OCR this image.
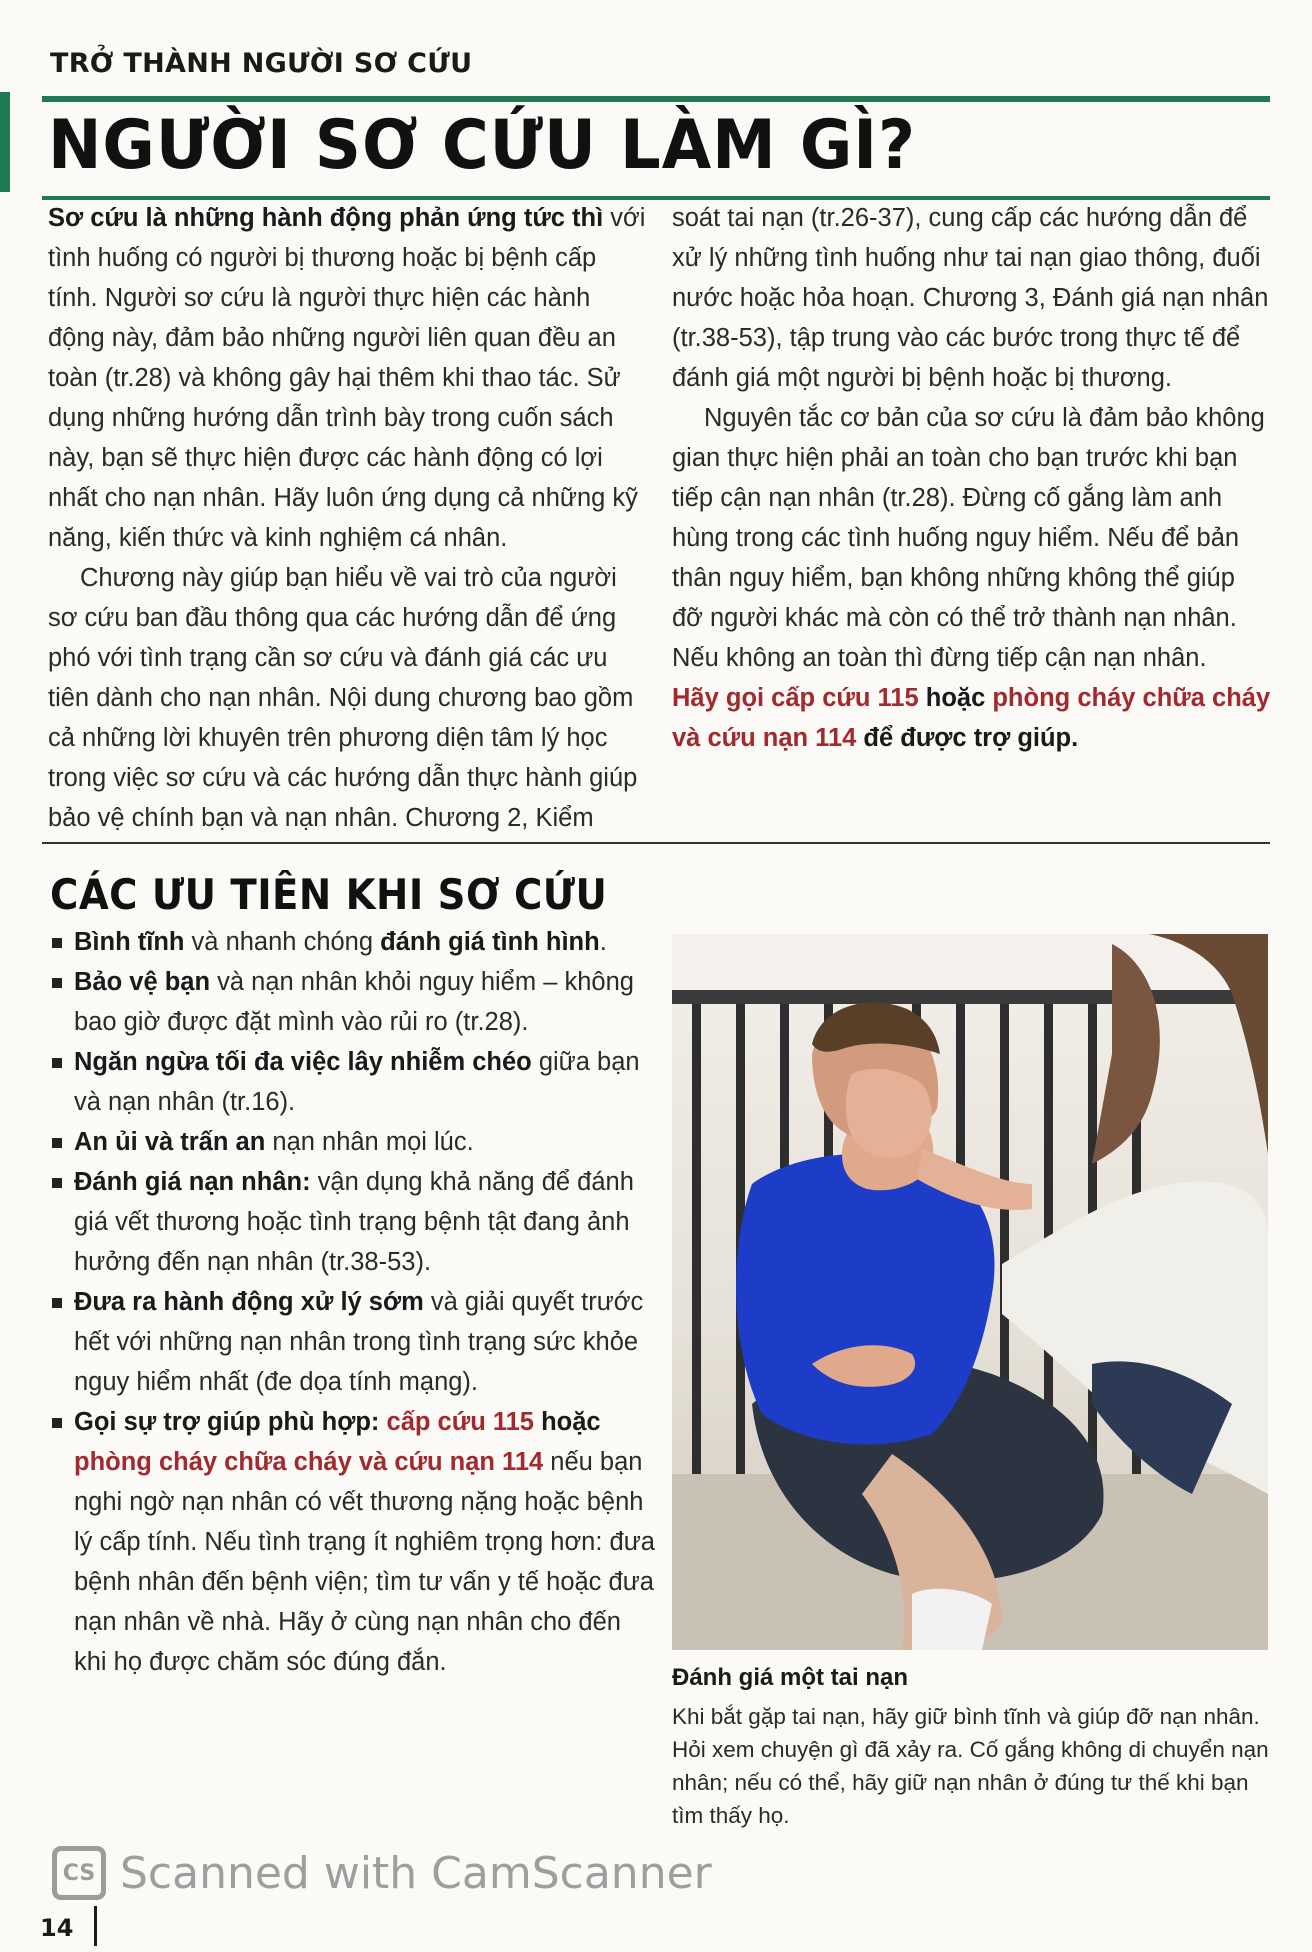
TRỞ THÀNH NGƯỜI SƠ CỨU
NGƯỜI SƠ CỨU LÀM GÌ?

Sơ cứu là những hành động phản ứng tức thì với tình huống có người bị thương hoặc bị bệnh cấp tính. Người sơ cứu là người thực hiện các hành động này, đảm bảo những người liên quan đều an toàn (tr.28) và không gây hại thêm khi thao tác. Sử dụng những hướng dẫn trình bày trong cuốn sách này, bạn sẽ thực hiện được các hành động có lợi nhất cho nạn nhân. Hãy luôn ứng dụng cả những kỹ năng, kiến thức và kinh nghiệm cá nhân.

Chương này giúp bạn hiểu về vai trò của người sơ cứu ban đầu thông qua các hướng dẫn để ứng phó với tình trạng cần sơ cứu và đánh giá các ưu tiên dành cho nạn nhân. Nội dung chương bao gồm cả những lời khuyên trên phương diện tâm lý học trong việc sơ cứu và các hướng dẫn thực hành giúp bảo vệ chính bạn và nạn nhân. Chương 2, Kiểm

soát tai nạn (tr.26-37), cung cấp các hướng dẫn để xử lý những tình huống như tai nạn giao thông, đuối nước hoặc hỏa hoạn. Chương 3, Đánh giá nạn nhân (tr.38-53), tập trung vào các bước trong thực tế để đánh giá một người bị bệnh hoặc bị thương.

Nguyên tắc cơ bản của sơ cứu là đảm bảo không gian thực hiện phải an toàn cho bạn trước khi bạn tiếp cận nạn nhân (tr.28). Đừng cố gắng làm anh hùng trong các tình huống nguy hiểm. Nếu để bản thân nguy hiểm, bạn không những không thể giúp đỡ người khác mà còn có thể trở thành nạn nhân. Nếu không an toàn thì đừng tiếp cận nạn nhân.

Hãy gọi cấp cứu 115 hoặc phòng cháy chữa cháy và cứu nạn 114 để được trợ giúp.

CÁC ƯU TIÊN KHI SƠ CỨU
Bình tĩnh và nhanh chóng đánh giá tình hình.
Bảo vệ bạn và nạn nhân khỏi nguy hiểm – không bao giờ được đặt mình vào rủi ro (tr.28).
Ngăn ngừa tối đa việc lây nhiễm chéo giữa bạn và nạn nhân (tr.16).
An ủi và trấn an nạn nhân mọi lúc.
Đánh giá nạn nhân: vận dụng khả năng để đánh giá vết thương hoặc tình trạng bệnh tật đang ảnh hưởng đến nạn nhân (tr.38-53).
Đưa ra hành động xử lý sớm và giải quyết trước hết với những nạn nhân trong tình trạng sức khỏe nguy hiểm nhất (đe dọa tính mạng).
Gọi sự trợ giúp phù hợp: cấp cứu 115 hoặc phòng cháy chữa cháy và cứu nạn 114 nếu bạn nghi ngờ nạn nhân có vết thương nặng hoặc bệnh lý cấp tính. Nếu tình trạng ít nghiêm trọng hơn: đưa bệnh nhân đến bệnh viện; tìm tư vấn y tế hoặc đưa nạn nhân về nhà. Hãy ở cùng nạn nhân cho đến khi họ được chăm sóc đúng đắn.

Đánh giá một tai nạn

Khi bắt gặp tai nạn, hãy giữ bình tĩnh và giúp đỡ nạn nhân. Hỏi xem chuyện gì đã xảy ra. Cố gắng không di chuyển nạn nhân; nếu có thể, hãy giữ nạn nhân ở đúng tư thế khi bạn tìm thấy họ.

CS Scanned with CamScanner
14
